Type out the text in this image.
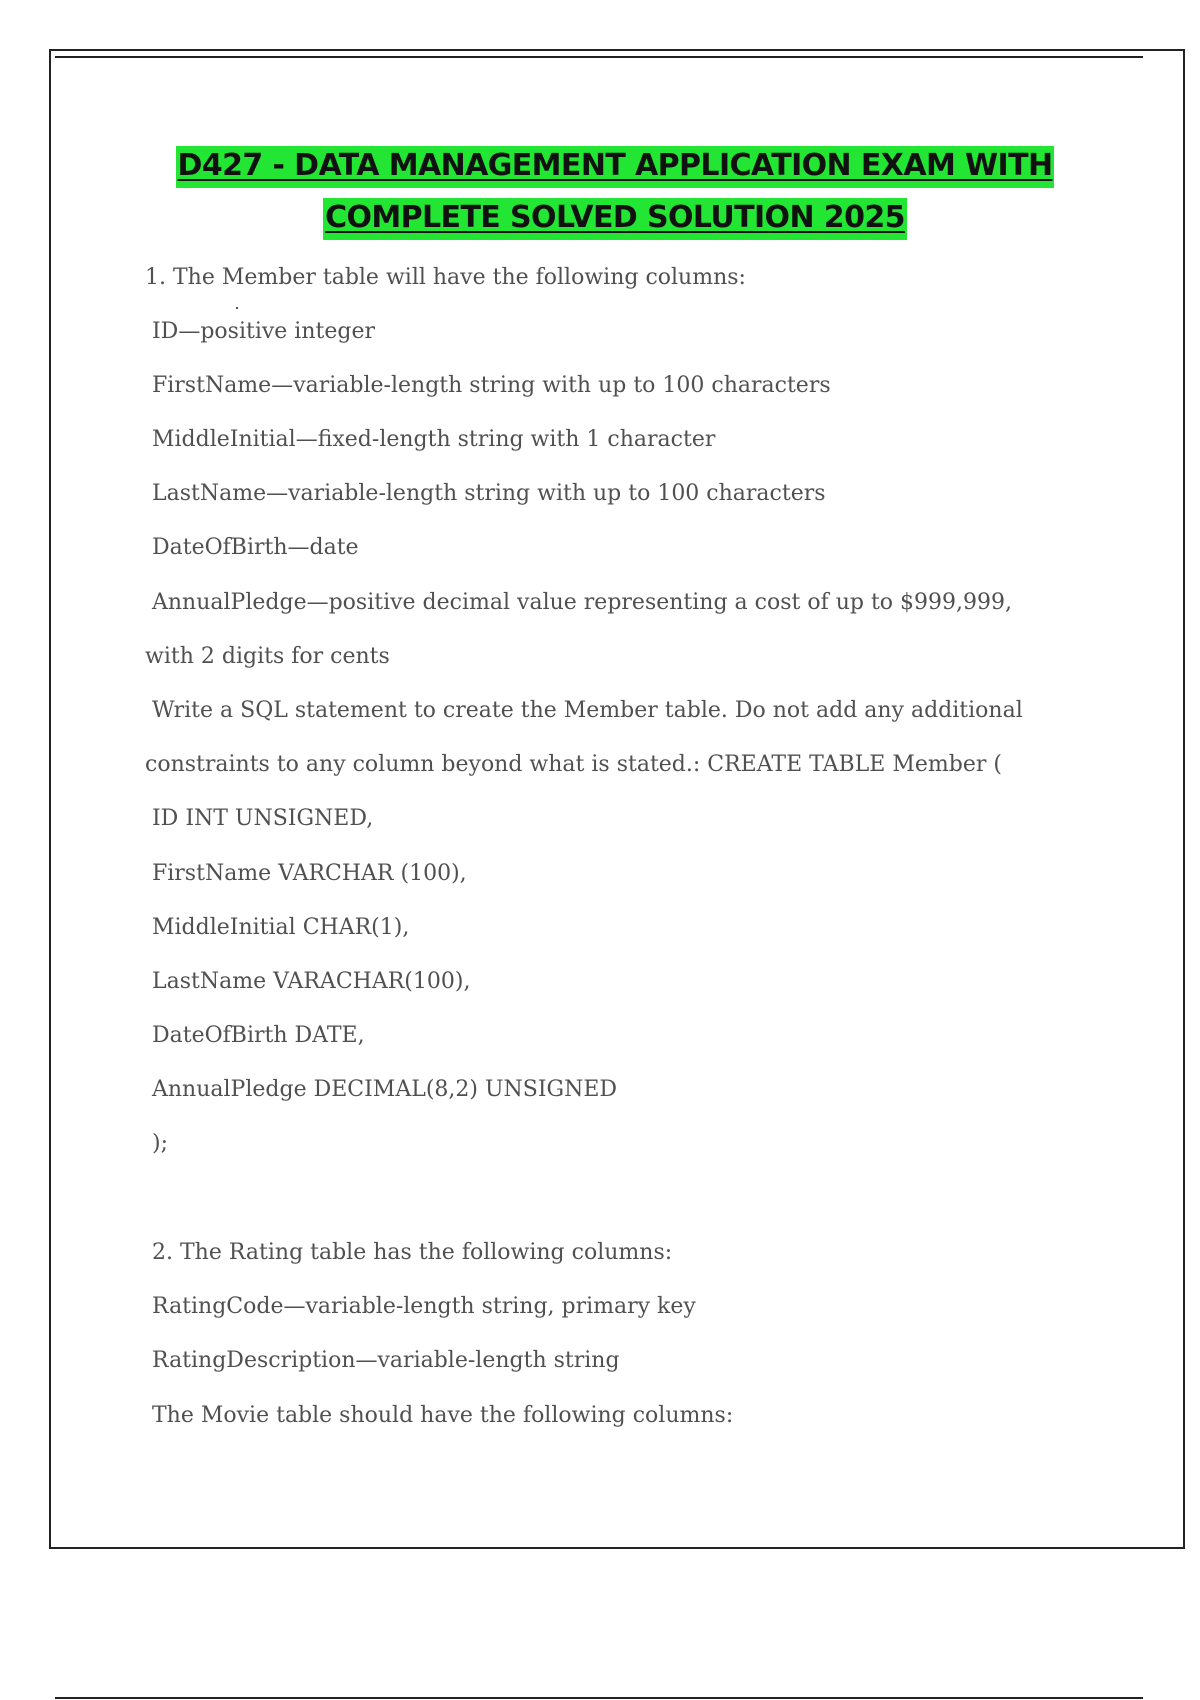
D427 - DATA MANAGEMENT APPLICATION EXAM WITH
COMPLETE SOLVED SOLUTION 2025
1. The Member table will have the following columns:
ID—positive integer
FirstName—variable-length string with up to 100 characters
MiddleInitial—fixed-length string with 1 character
LastName—variable-length string with up to 100 characters
DateOfBirth—date
AnnualPledge—positive decimal value representing a cost of up to $999,999,
with 2 digits for cents
Write a SQL statement to create the Member table. Do not add any additional
constraints to any column beyond what is stated.: CREATE TABLE Member (
ID INT UNSIGNED,
FirstName VARCHAR (100),
MiddleInitial CHAR(1),
LastName VARACHAR(100),
DateOfBirth DATE,
AnnualPledge DECIMAL(8,2) UNSIGNED
);
2. The Rating table has the following columns:
RatingCode—variable-length string, primary key
RatingDescription—variable-length string
The Movie table should have the following columns:
